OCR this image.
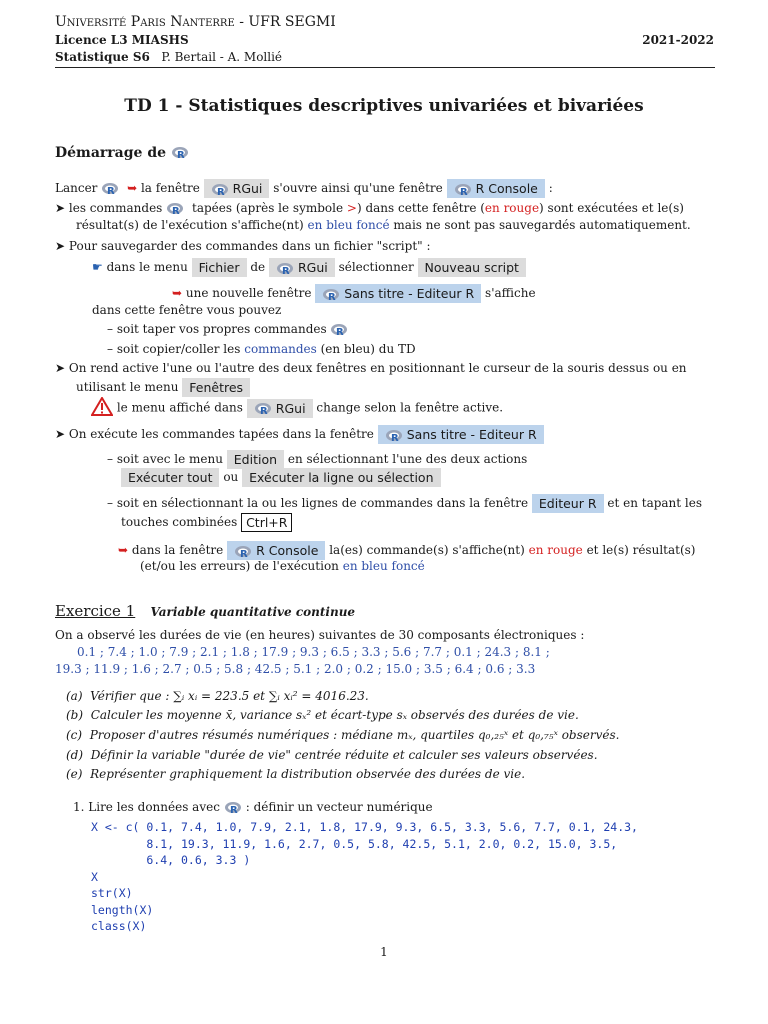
Université Paris Nanterre - UFR SEGMI
Licence L3 MIASHS	2021-2022
Statistique S6 P. Bertail - A. Mollié
TD 1 - Statistiques descriptives univariées et bivariées
Démarrage de R
Lancer R ➥ la fenêtre R RGui s'ouvre ainsi qu'une fenêtre R R Console :
➤ les commandes R tapées (après le symbole >) dans cette fenêtre (en rouge) sont exécutées et le(s)
résultat(s) de l'exécution s'affiche(nt) en bleu foncé mais ne sont pas sauvegardés automatiquement.
➤ Pour sauvegarder des commandes dans un fichier "script" :
☛ dans le menu Fichier de R RGui sélectionner Nouveau script
➥ une nouvelle fenêtre R Sans titre - Editeur R s'affiche
dans cette fenêtre vous pouvez
– soit taper vos propres commandes R
– soit copier/coller les commandes (en bleu) du TD
➤ On rend active l'une ou l'autre des deux fenêtres en positionnant le curseur de la souris dessus ou en
utilisant le menu Fenêtres
le menu affiché dans R RGui change selon la fenêtre active.
➤ On exécute les commandes tapées dans la fenêtre R Sans titre - Editeur R
– soit avec le menu Edition en sélectionnant l'une des deux actions
Exécuter tout ou Exécuter la ligne ou sélection
– soit en sélectionnant la ou les lignes de commandes dans la fenêtre Editeur R et en tapant les
touches combinées Ctrl+R
➥ dans la fenêtre R R Console la(es) commande(s) s'affiche(nt) en rouge et le(s) résultat(s)
(et/ou les erreurs) de l'exécution en bleu foncé
Exercice 1 Variable quantitative continue
On a observé les durées de vie (en heures) suivantes de 30 composants électroniques :
0.1 ; 7.4 ; 1.0 ; 7.9 ; 2.1 ; 1.8 ; 17.9 ; 9.3 ; 6.5 ; 3.3 ; 5.6 ; 7.7 ; 0.1 ; 24.3 ; 8.1 ;
19.3 ; 11.9 ; 1.6 ; 2.7 ; 0.5 ; 5.8 ; 42.5 ; 5.1 ; 2.0 ; 0.2 ; 15.0 ; 3.5 ; 6.4 ; 0.6 ; 3.3
(a) Vérifier que : ∑ᵢ xᵢ = 223.5 et ∑ᵢ xᵢ² = 4016.23.
(b) Calculer les moyenne x̄, variance sₓ² et écart-type sₓ observés des durées de vie.
(c) Proposer d'autres résumés numériques : médiane mₓ, quartiles q₀,₂₅ˣ et q₀,₇₅ˣ observés.
(d) Définir la variable "durée de vie" centrée réduite et calculer ses valeurs observées.
(e) Représenter graphiquement la distribution observée des durées de vie.
1. Lire les données avec R : définir un vecteur numérique
X <- c( 0.1, 7.4, 1.0, 7.9, 2.1, 1.8, 17.9, 9.3, 6.5, 3.3, 5.6, 7.7, 0.1, 24.3,
8.1, 19.3, 11.9, 1.6, 2.7, 0.5, 5.8, 42.5, 5.1, 2.0, 0.2, 15.0, 3.5,
6.4, 0.6, 3.3 )
X
str(X)
length(X)
class(X)
1
